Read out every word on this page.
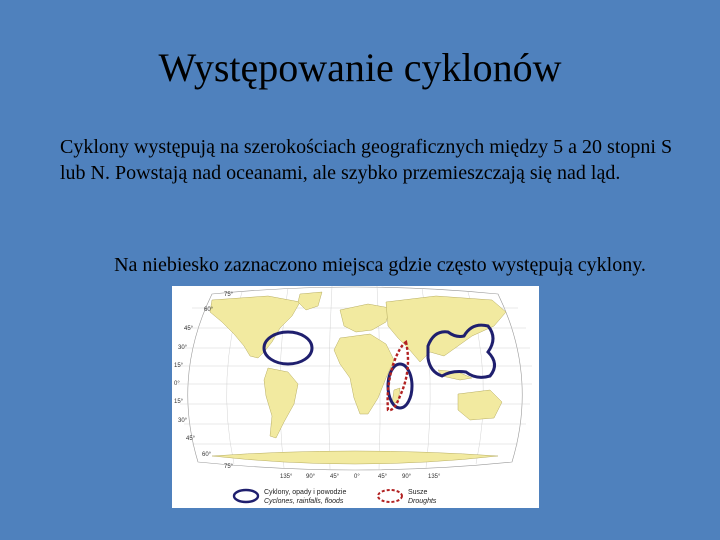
Występowanie cyklonów
Cyklony występują na szerokościach geograficznych między 5 a 20 stopni S lub N. Powstają nad oceanami, ale szybko przemieszczają się nad ląd.
Na niebiesko zaznaczono miejsca gdzie często występują cyklony.
75°
60°
45°
30°
15°
0°
15°
30°
45°
60°
75°
135° 90° 45° 0°	45° 90°	135°
Cyklony, opady i powodzie
Cyclones, rainfalls, floods
Susze
Droughts
